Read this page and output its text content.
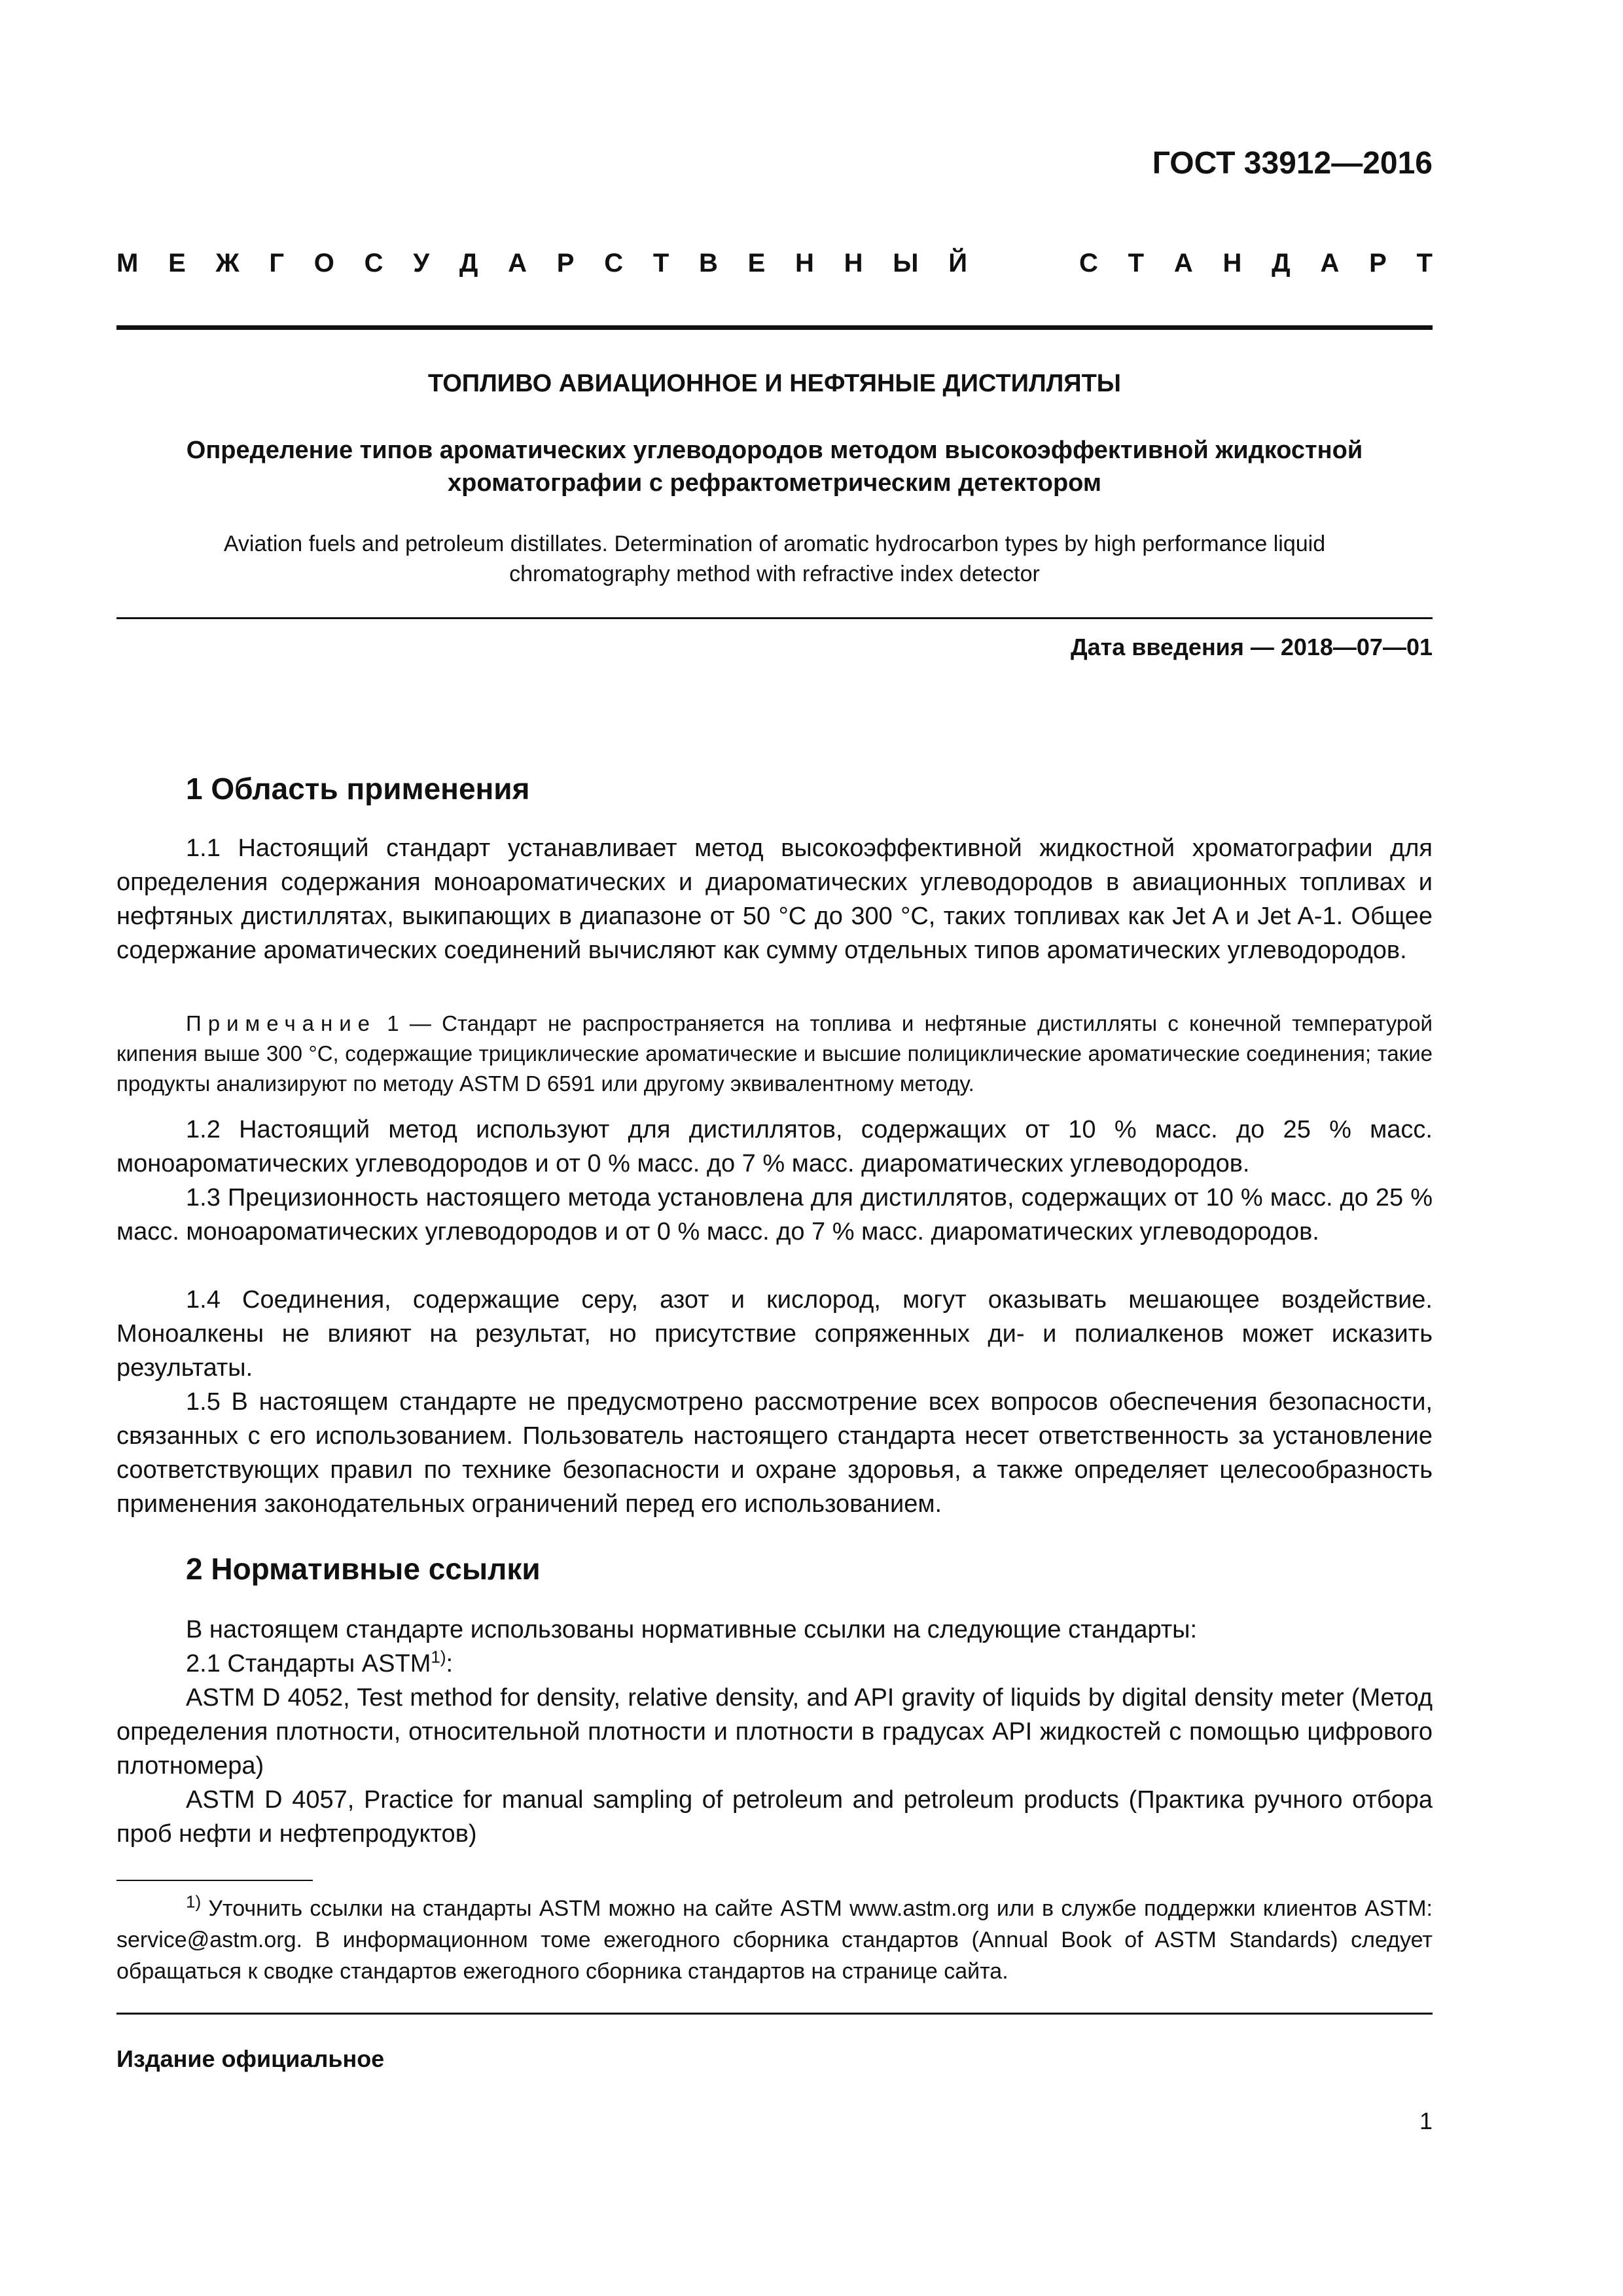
ГОСТ 33912—2016
М Е Ж Г О С У Д А Р С Т В Е Н Н Ы Й	С Т А Н Д А Р Т
ТОПЛИВО АВИАЦИОННОЕ И НЕФТЯНЫЕ ДИСТИЛЛЯТЫ
Определение типов ароматических углеводородов методом высокоэффективной жидкостной
хроматографии с рефрактометрическим детектором
Aviation fuels and petroleum distillates. Determination of aromatic hydrocarbon types by high performance liquid
chromatography method with refractive index detector
Дата введения — 2018—07—01
1 Область применения

1.1 Настоящий стандарт устанавливает метод высокоэффективной жидкостной хроматографии для определения содержания моноароматических и диароматических углеводородов в авиационных топливах и нефтяных дистиллятах, выкипающих в диапазоне от 50 °С до 300 °С, таких топливах как Jet A и Jet A-1. Общее содержание ароматических соединений вычисляют как сумму отдельных типов ароматических углеводородов.

Примечание 1 — Стандарт не распространяется на топлива и нефтяные дистилляты с конечной температурой кипения выше 300 °С, содержащие трициклические ароматические и высшие полициклические ароматические соединения; такие продукты анализируют по методу ASTM D 6591 или другому эквивалентному методу.

1.2 Настоящий метод используют для дистиллятов, содержащих от 10 % масс. до 25 % масс. моноароматических углеводородов и от 0 % масс. до 7 % масс. диароматических углеводородов.

1.3 Прецизионность настоящего метода установлена для дистиллятов, содержащих от 10 % масс. до 25 % масс. моноароматических углеводородов и от 0 % масс. до 7 % масс. диароматических углеводородов.

1.4 Соединения, содержащие серу, азот и кислород, могут оказывать мешающее воздействие. Моноалкены не влияют на результат, но присутствие сопряженных ди- и полиалкенов может исказить результаты.

1.5 В настоящем стандарте не предусмотрено рассмотрение всех вопросов обеспечения безопасности, связанных с его использованием. Пользователь настоящего стандарта несет ответственность за установление соответствующих правил по технике безопасности и охране здоровья, а также определяет целесообразность применения законодательных ограничений перед его использованием.

2 Нормативные ссылки

В настоящем стандарте использованы нормативные ссылки на следующие стандарты:

2.1 Стандарты ASTM$^{1)}$:

ASTM D 4052, Test method for density, relative density, and API gravity of liquids by digital density meter (Метод определения плотности, относительной плотности и плотности в градусах API жидкостей с помощью цифрового плотномера)

ASTM D 4057, Practice for manual sampling of petroleum and petroleum products (Практика ручного отбора проб нефти и нефтепродуктов)

$^{1)}$ Уточнить ссылки на стандарты ASTM можно на сайте ASTM www.astm.org или в службе поддержки клиентов ASTM: service@astm.org. В информационном томе ежегодного сборника стандартов (Annual Book of ASTM Standards) следует обращаться к сводке стандартов ежегодного сборника стандартов на странице сайта.

Издание официальное
1
